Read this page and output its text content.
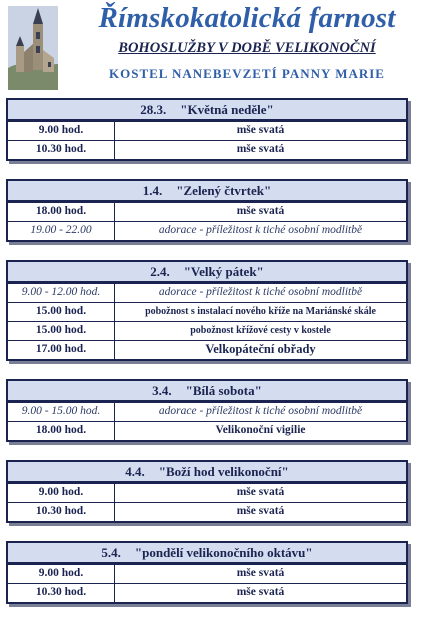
Římskokatolická farnost
BOHOSLUŽBY V DOBĚ VELIKONOČNÍ
KOSTEL NANEBEVZETÍ PANNY MARIE
28.3. "Květná neděle"
9.00 hod.	mše svatá
10.30 hod.	mše svatá
1.4. "Zelený čtvrtek"
18.00 hod.	mše svatá
19.00 - 22.00	adorace - příležitost k tiché osobní modlitbě
2.4. "Velký pátek"
9.00 - 12.00 hod.	adorace - příležitost k tiché osobní modlitbě
15.00 hod.	pobožnost s instalací nového kříže na Mariánské skále
15.00 hod.	pobožnost křížové cesty v kostele
17.00 hod.	Velkopáteční obřady
3.4. "Bílá sobota"
9.00 - 15.00 hod.	adorace - příležitost k tiché osobní modlitbě
18.00 hod.	Velikonoční vigilie
4.4. "Boží hod velikonoční"
9.00 hod.	mše svatá
10.30 hod.	mše svatá
5.4. "pondělí velikonočního oktávu"
9.00 hod.	mše svatá
10.30 hod.	mše svatá
